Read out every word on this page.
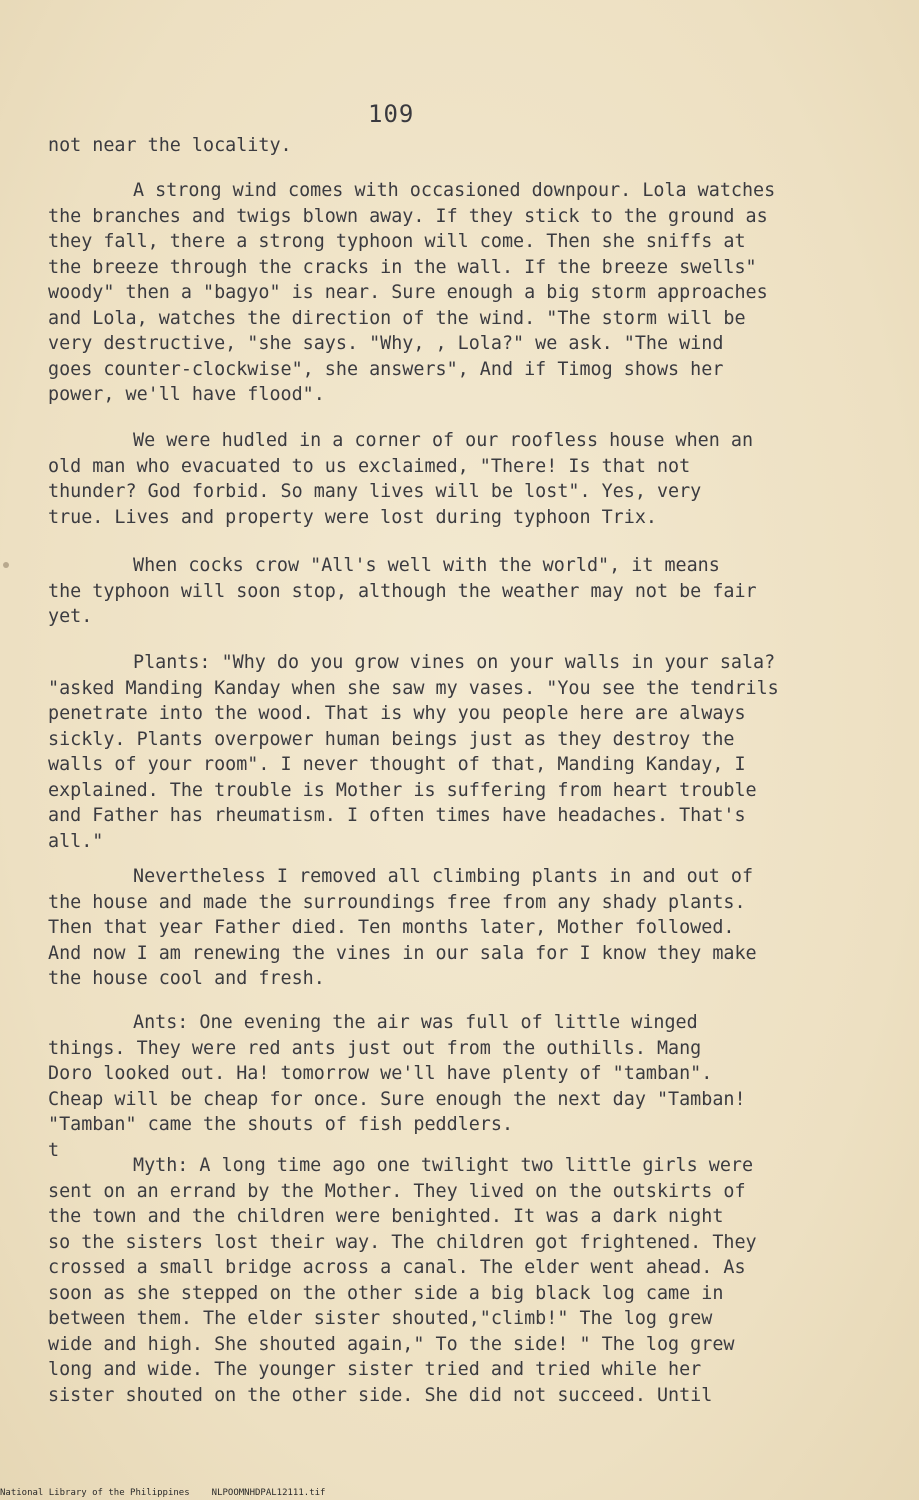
109
not near the locality.
A strong wind comes with occasioned downpour. Lola watches
the branches and twigs blown away. If they stick to the ground as
they fall, there a strong typhoon will come. Then she sniffs at
the breeze through the cracks in the wall. If the breeze swells"
woody" then a "bagyo" is near. Sure enough a big storm approaches
and Lola, watches the direction of the wind. "The storm will be
very destructive, "she says. "Why, , Lola?" we ask. "The wind
goes counter-clockwise", she answers", And if Timog shows her
power, we'll have flood".
We were hudled in a corner of our roofless house when an
old man who evacuated to us exclaimed, "There! Is that not
thunder? God forbid. So many lives will be lost". Yes, very
true. Lives and property were lost during typhoon Trix.
When cocks crow "All's well with the world", it means
the typhoon will soon stop, although the weather may not be fair
yet.
Plants: "Why do you grow vines on your walls in your sala?
"asked Manding Kanday when she saw my vases. "You see the tendrils
penetrate into the wood. That is why you people here are always
sickly. Plants overpower human beings just as they destroy the
walls of your room". I never thought of that, Manding Kanday, I
explained. The trouble is Mother is suffering from heart trouble
and Father has rheumatism. I often times have headaches. That's
all."
Nevertheless I removed all climbing plants in and out of
the house and made the surroundings free from any shady plants.
Then that year Father died. Ten months later, Mother followed.
And now I am renewing the vines in our sala for I know they make
the house cool and fresh.
Ants: One evening the air was full of little winged
things. They were red ants just out from the outhills. Mang
Doro looked out. Ha! tomorrow we'll have plenty of "tamban".
Cheap will be cheap for once. Sure enough the next day "Tamban!
"Tamban" came the shouts of fish peddlers.
t
Myth: A long time ago one twilight two little girls were
sent on an errand by the Mother. They lived on the outskirts of
the town and the children were benighted. It was a dark night
so the sisters lost their way. The children got frightened. They
crossed a small bridge across a canal. The elder went ahead. As
soon as she stepped on the other side a big black log came in
between them. The elder sister shouted,"climb!" The log grew
wide and high. She shouted again," To the side! " The log grew
long and wide. The younger sister tried and tried while her
sister shouted on the other side. She did not succeed. Until
National Library of the Philippines NLPOOMNHDPAL12111.tif
